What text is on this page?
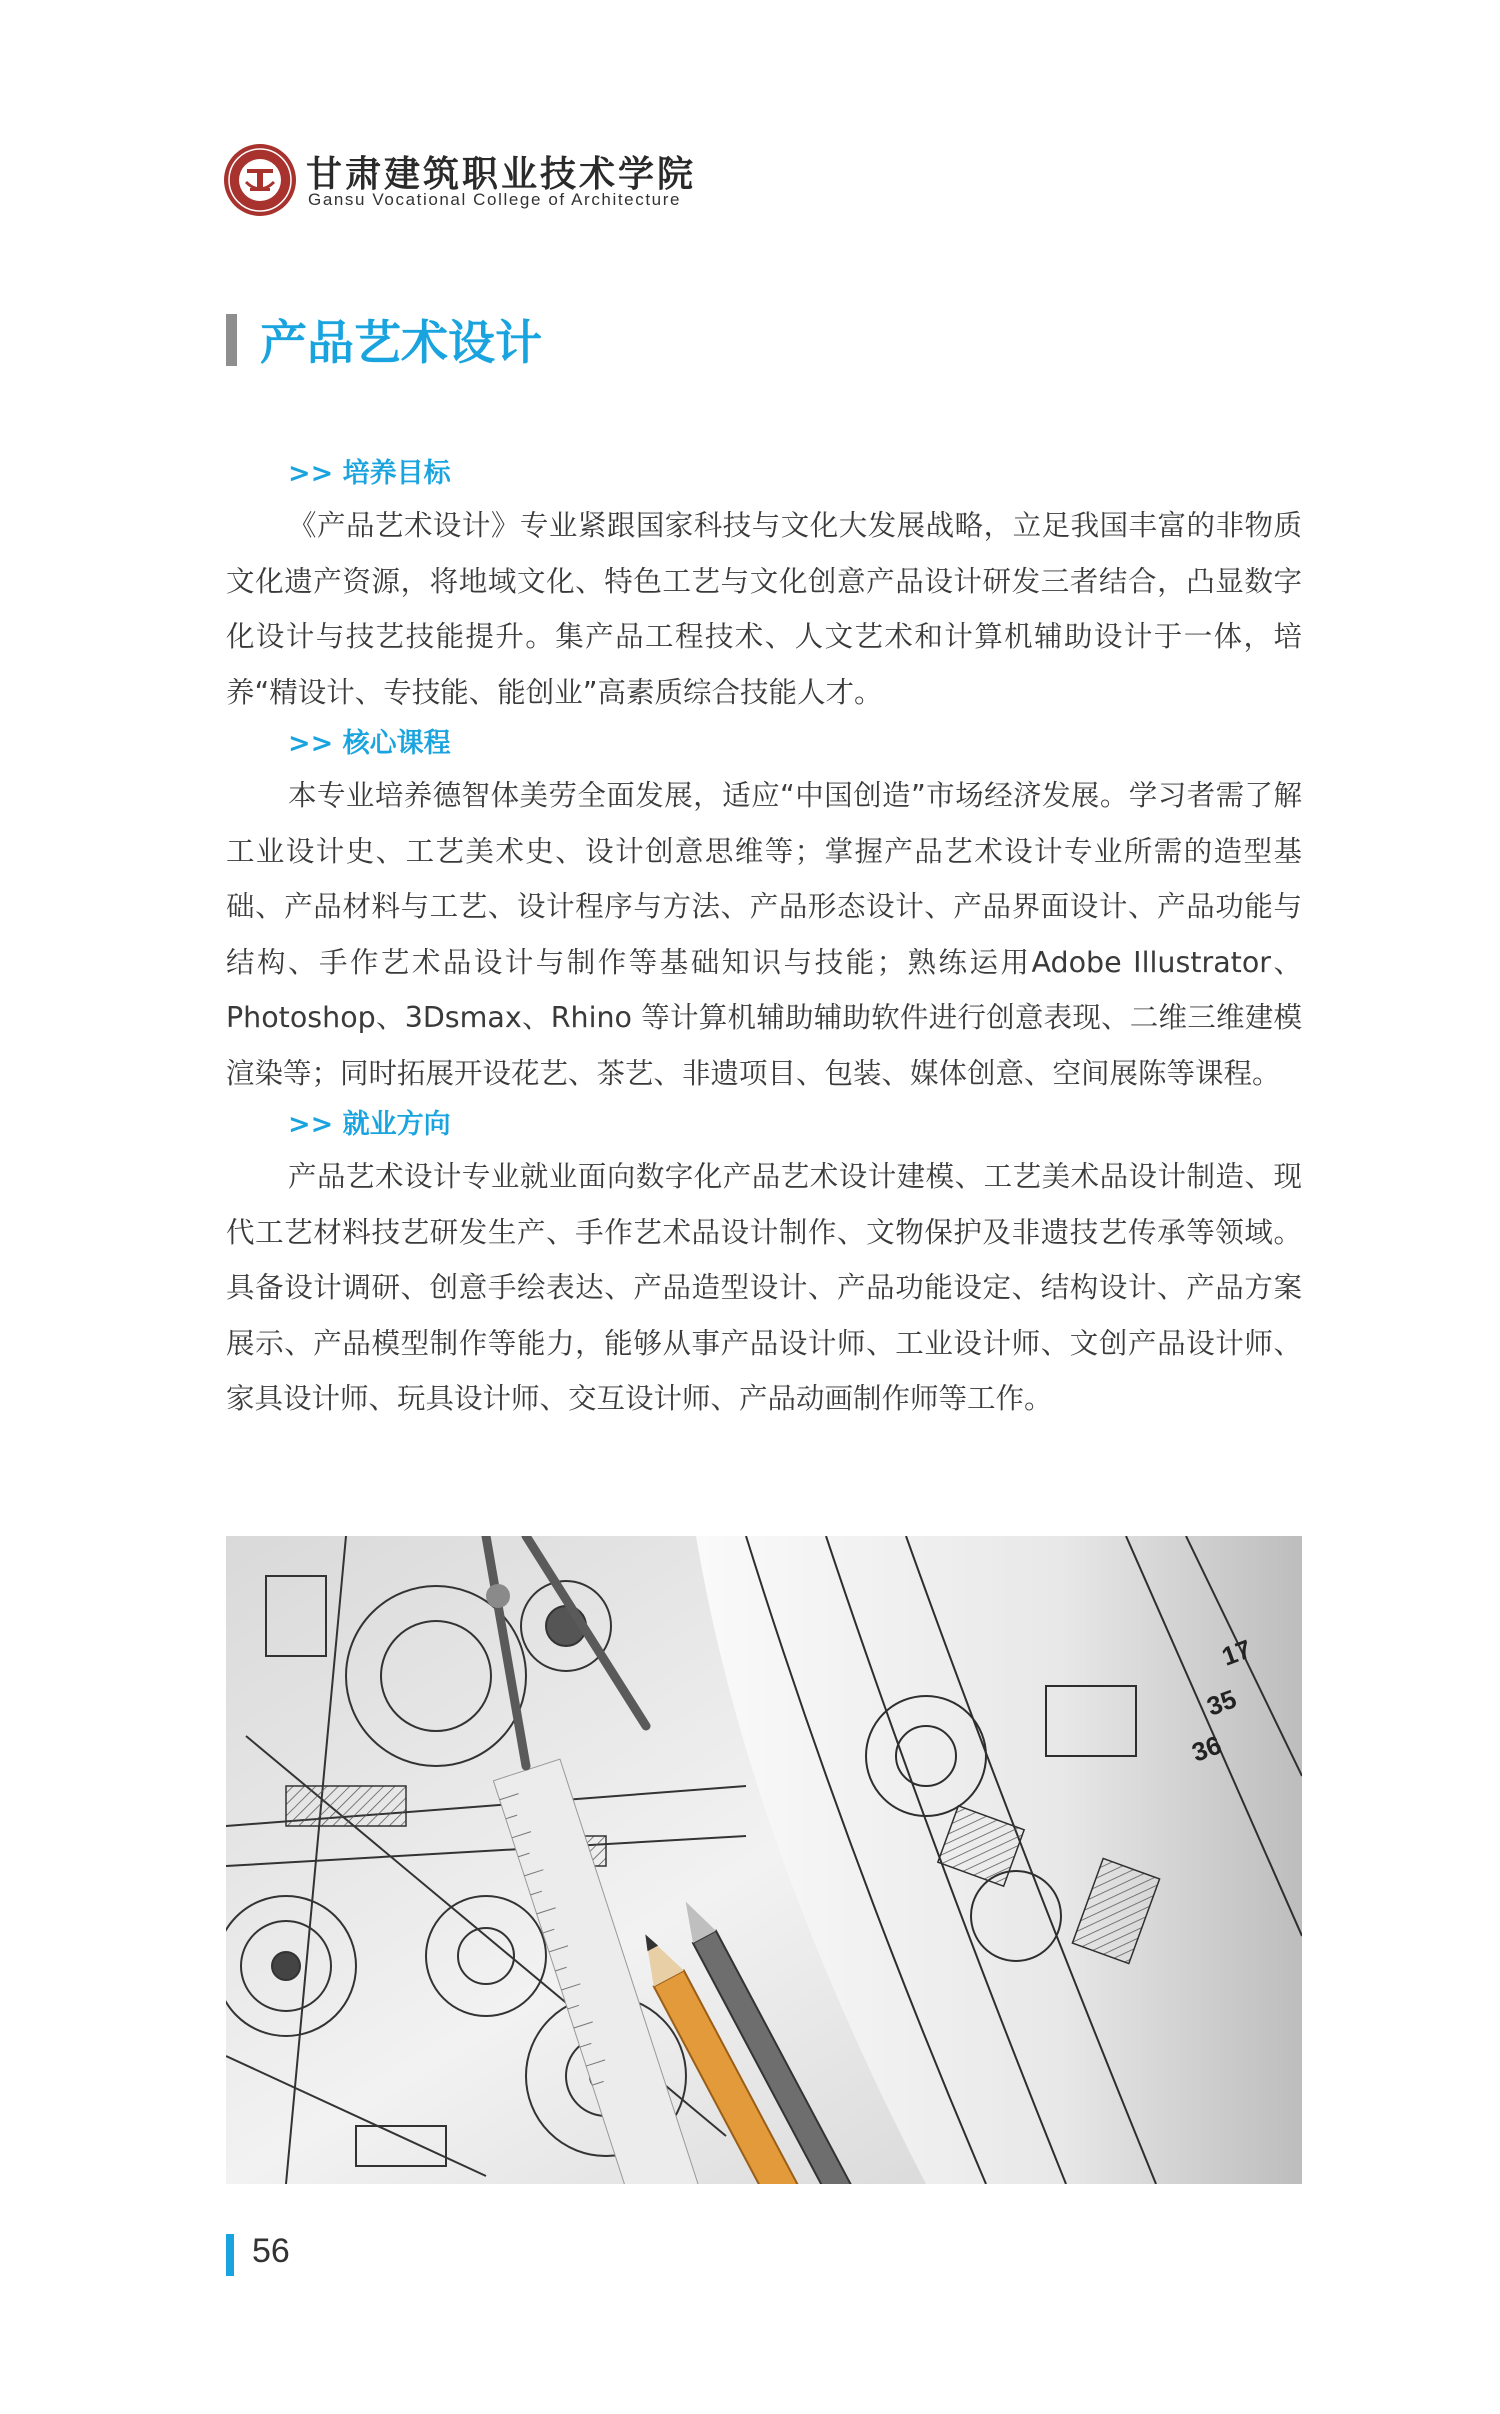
甘肃建筑职业技术学院
Gansu Vocational College of Architecture
产品艺术设计
>> 培养目标

《产品艺术设计》专业紧跟国家科技与文化大发展战略，立足我国丰富的非物质文化遗产资源，将地域文化、特色工艺与文化创意产品设计研发三者结合，凸显数字化设计与技艺技能提升。集产品工程技术、人文艺术和计算机辅助设计于一体，培养“精设计、专技能、能创业”高素质综合技能人才。

>> 核心课程

本专业培养德智体美劳全面发展，适应“中国创造”市场经济发展。学习者需了解工业设计史、工艺美术史、设计创意思维等；掌握产品艺术设计专业所需的造型基础、产品材料与工艺、设计程序与方法、产品形态设计、产品界面设计、产品功能与结构、手作艺术品设计与制作等基础知识与技能；熟练运用Adobe Illustrator、Photoshop、3Dsmax、Rhino 等计算机辅助辅助软件进行创意表现、二维三维建模渲染等；同时拓展开设花艺、茶艺、非遗项目、包装、媒体创意、空间展陈等课程。

>> 就业方向

产品艺术设计专业就业面向数字化产品艺术设计建模、工艺美术品设计制造、现代工艺材料技艺研发生产、手作艺术品设计制作、文物保护及非遗技艺传承等领域。具备设计调研、创意手绘表达、产品造型设计、产品功能设定、结构设计、产品方案展示、产品模型制作等能力，能够从事产品设计师、工业设计师、文创产品设计师、家具设计师、玩具设计师、交互设计师、产品动画制作师等工作。

17
35
36
56
